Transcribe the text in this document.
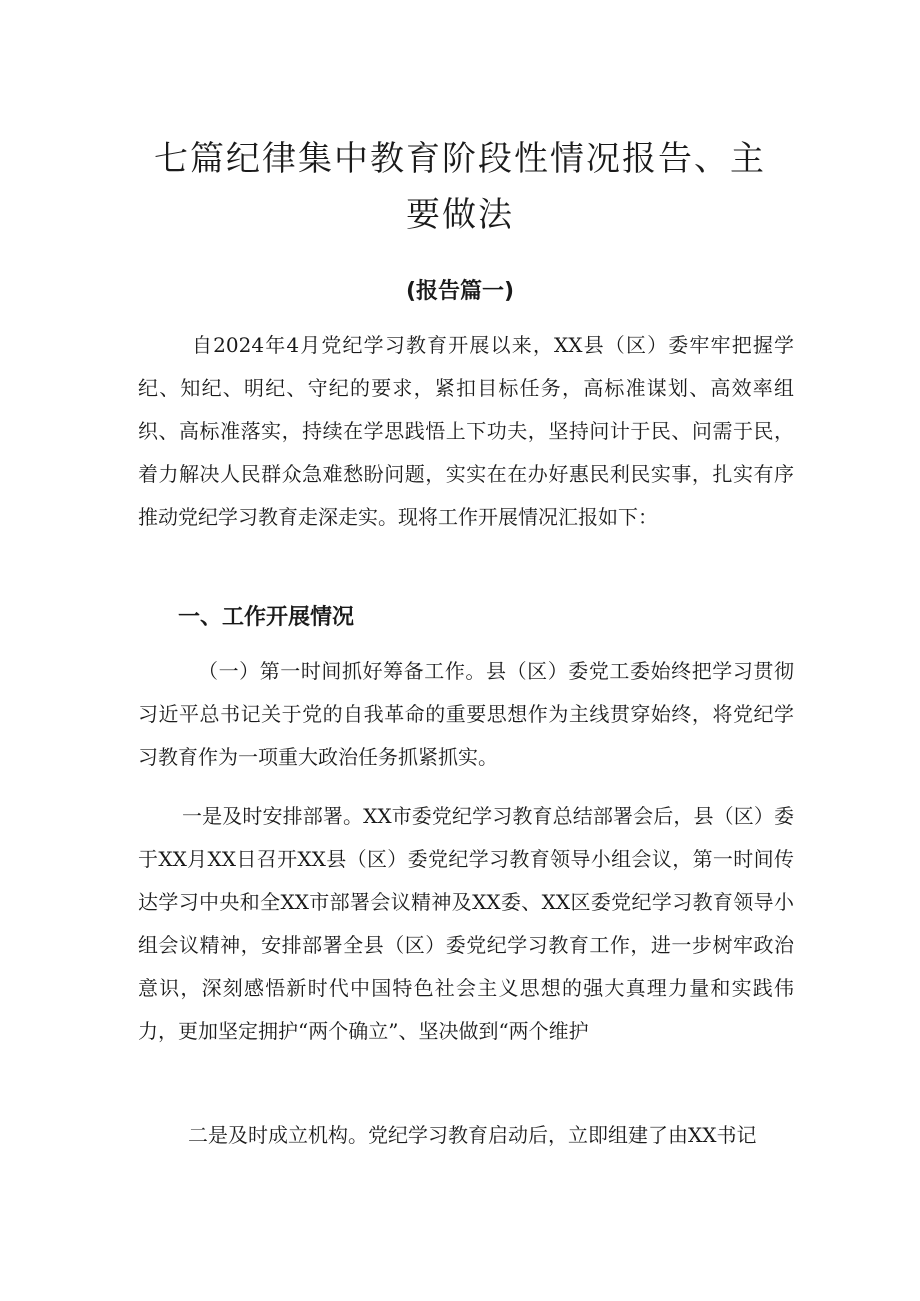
七篇纪律集中教育阶段性情况报告、主要做法
(报告篇一)

自2024年4月党纪学习教育开展以来，XX县（区）委牢牢把握学纪、知纪、明纪、守纪的要求，紧扣目标任务，高标准谋划、高效率组织、高标准落实，持续在学思践悟上下功夫，坚持问计于民、问需于民，着力解决人民群众急难愁盼问题，实实在在办好惠民利民实事，扎实有序推动党纪学习教育走深走实。现将工作开展情况汇报如下：

一、工作开展情况

（一）第一时间抓好筹备工作。县（区）委党工委始终把学习贯彻习近平总书记关于党的自我革命的重要思想作为主线贯穿始终，将党纪学习教育作为一项重大政治任务抓紧抓实。

一是及时安排部署。XX市委党纪学习教育总结部署会后，县（区）委于XX月XX日召开XX县（区）委党纪学习教育领导小组会议，第一时间传达学习中央和全XX市部署会议精神及XX委、XX区委党纪学习教育领导小组会议精神，安排部署全县（区）委党纪学习教育工作，进一步树牢政治意识，深刻感悟新时代中国特色社会主义思想的强大真理力量和实践伟力，更加坚定拥护“两个确立”、坚决做到“两个维护

二是及时成立机构。党纪学习教育启动后，立即组建了由XX书记
